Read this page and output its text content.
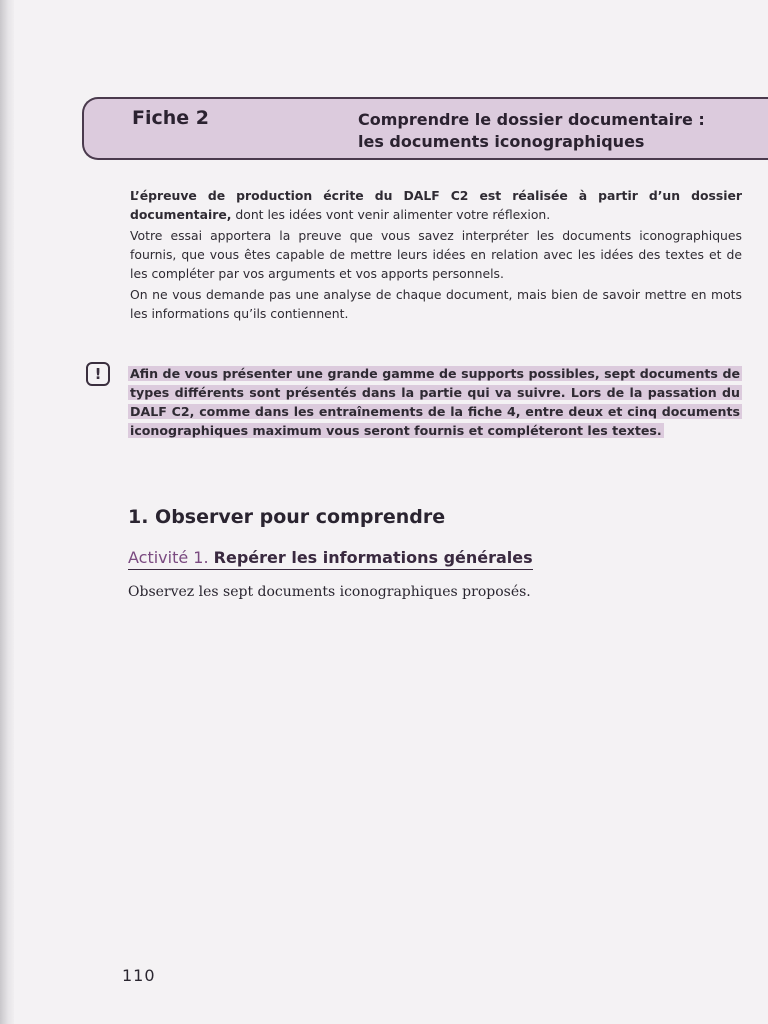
Fiche 2	Comprendre le dossier documentaire :
les documents iconographiques

L’épreuve de production écrite du DALF C2 est réalisée à partir d’un dossier documentaire, dont les idées vont venir alimenter votre réflexion.

Votre essai apportera la preuve que vous savez interpréter les documents iconographiques fournis, que vous êtes capable de mettre leurs idées en relation avec les idées des textes et de les compléter par vos arguments et vos apports personnels.

On ne vous demande pas une analyse de chaque document, mais bien de savoir mettre en mots les informations qu’ils contiennent.

!	Afin de vous présenter une grande gamme de supports possibles, sept documents de types différents sont présentés dans la partie qui va suivre. Lors de la passation du DALF C2, comme dans les entraînements de la fiche 4, entre deux et cinq documents iconographiques maximum vous seront fournis et compléteront les textes.
1. Observer pour comprendre
Activité 1. Repérer les informations générales
Observez les sept documents iconographiques proposés.
110
